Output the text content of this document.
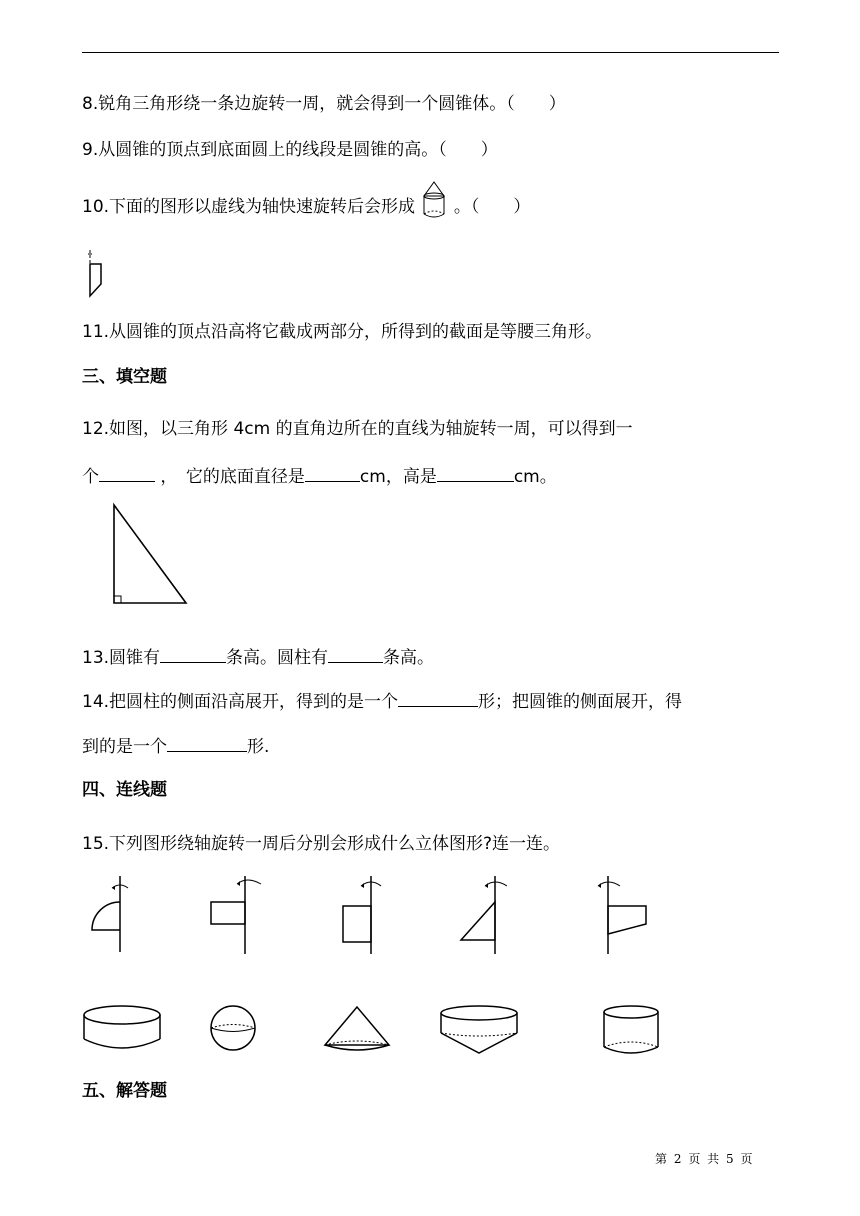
8.锐角三角形绕一条边旋转一周，就会得到一个圆锥体。（　　）
9.从圆锥的顶点到底面圆上的线段是圆锥的高。（　　）
10.下面的图形以虚线为轴快速旋转后会形成 。（　　）
11.从圆锥的顶点沿高将它截成两部分，所得到的截面是等腰三角形。
三、填空题
12.如图，以三角形 4cm 的直角边所在的直线为轴旋转一周，可以得到一
个	，　它的底面直径是	cm，高是	cm。
13.圆锥有	条高。圆柱有	条高。
14.把圆柱的侧面沿高展开，得到的是一个	形；把圆锥的侧面展开，得
到的是一个	形.
四、连线题
15.下列图形绕轴旋转一周后分别会形成什么立体图形?连一连。
五、解答题
第 2 页 共 5 页
